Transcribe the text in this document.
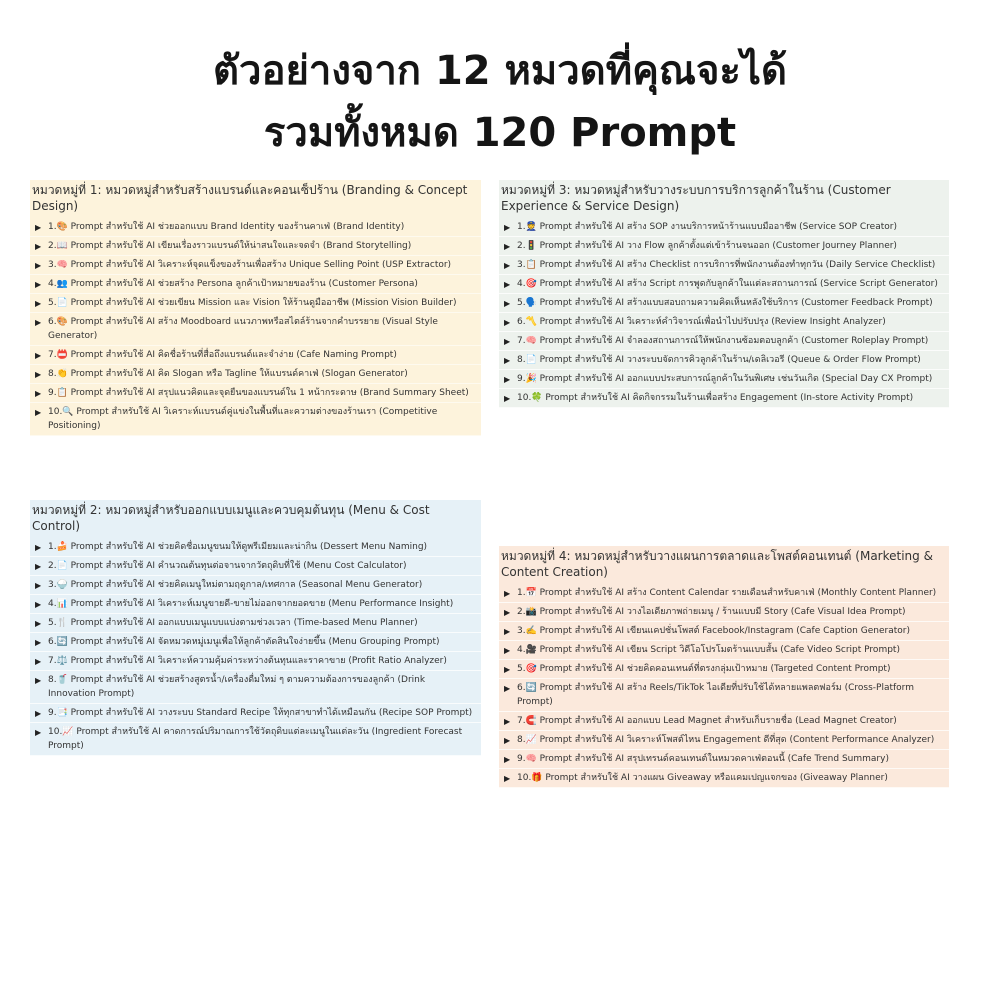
ตัวอย่างจาก 12 หมวดที่คุณจะได้
รวมทั้งหมด 120 Prompt
หมวดหมู่ที่ 1: หมวดหมู่สำหรับสร้างแบรนด์และคอนเซ็ปร้าน (Branding & Concept Design)
▶ 1.🎨 Prompt สำหรับใช้ AI ช่วยออกแบบ Brand Identity ของร้านคาเฟ่ (Brand Identity)
▶ 2.📖 Prompt สำหรับใช้ AI เขียนเรื่องราวแบรนด์ให้น่าสนใจและจดจำ (Brand Storytelling)
▶ 3.🧠 Prompt สำหรับใช้ AI วิเคราะห์จุดแข็งของร้านเพื่อสร้าง Unique Selling Point (USP Extractor)
▶ 4.👥 Prompt สำหรับใช้ AI ช่วยสร้าง Persona ลูกค้าเป้าหมายของร้าน (Customer Persona)
▶ 5.📄 Prompt สำหรับใช้ AI ช่วยเขียน Mission และ Vision ให้ร้านดูมืออาชีพ (Mission Vision Builder)
▶ 6.🎨 Prompt สำหรับใช้ AI สร้าง Moodboard แนวภาพหรือสไตล์ร้านจากคำบรรยาย (Visual Style Generator)
▶ 7.📛 Prompt สำหรับใช้ AI คิดชื่อร้านที่สื่อถึงแบรนด์และจำง่าย (Cafe Naming Prompt)
▶ 8.👏 Prompt สำหรับใช้ AI คิด Slogan หรือ Tagline ให้แบรนด์คาเฟ่ (Slogan Generator)
▶ 9.📋 Prompt สำหรับใช้ AI สรุปแนวคิดและจุดยืนของแบรนด์ใน 1 หน้ากระดาษ (Brand Summary Sheet)
▶ 10.🔍 Prompt สำหรับใช้ AI วิเคราะห์แบรนด์คู่แข่งในพื้นที่และความต่างของร้านเรา (Competitive Positioning)
หมวดหมู่ที่ 2: หมวดหมู่สำหรับออกแบบเมนูและควบคุมต้นทุน (Menu & Cost Control)
▶ 1.🍰 Prompt สำหรับใช้ AI ช่วยคิดชื่อเมนูขนมให้ดูพรีเมียมและน่ากิน (Dessert Menu Naming)
▶ 2.📄 Prompt สำหรับใช้ AI คำนวณต้นทุนต่อจานจากวัตถุดิบที่ใช้ (Menu Cost Calculator)
▶ 3.🍚 Prompt สำหรับใช้ AI ช่วยคิดเมนูใหม่ตามฤดูกาล/เทศกาล (Seasonal Menu Generator)
▶ 4.📊 Prompt สำหรับใช้ AI วิเคราะห์เมนูขายดี-ขายไม่ออกจากยอดขาย (Menu Performance Insight)
▶ 5.🍴 Prompt สำหรับใช้ AI ออกแบบเมนูแบบแบ่งตามช่วงเวลา (Time-based Menu Planner)
▶ 6.🔄 Prompt สำหรับใช้ AI จัดหมวดหมู่เมนูเพื่อให้ลูกค้าตัดสินใจง่ายขึ้น (Menu Grouping Prompt)
▶ 7.⚖️ Prompt สำหรับใช้ AI วิเคราะห์ความคุ้มค่าระหว่างต้นทุนและราคาขาย (Profit Ratio Analyzer)
▶ 8.🥤 Prompt สำหรับใช้ AI ช่วยสร้างสูตรน้ำ/เครื่องดื่มใหม่ ๆ ตามความต้องการของลูกค้า (Drink Innovation Prompt)
▶ 9.📑 Prompt สำหรับใช้ AI วางระบบ Standard Recipe ให้ทุกสาขาทำได้เหมือนกัน (Recipe SOP Prompt)
▶ 10.📈 Prompt สำหรับใช้ AI คาดการณ์ปริมาณการใช้วัตถุดิบแต่ละเมนูในแต่ละวัน (Ingredient Forecast Prompt)
หมวดหมู่ที่ 3: หมวดหมู่สำหรับวางระบบการบริการลูกค้าในร้าน (Customer Experience & Service Design)
▶ 1.👮 Prompt สำหรับใช้ AI สร้าง SOP งานบริการหน้าร้านแบบมืออาชีพ (Service SOP Creator)
▶ 2.🚦 Prompt สำหรับใช้ AI วาง Flow ลูกค้าตั้งแต่เข้าร้านจนออก (Customer Journey Planner)
▶ 3.📋 Prompt สำหรับใช้ AI สร้าง Checklist การบริการที่พนักงานต้องทำทุกวัน (Daily Service Checklist)
▶ 4.🎯 Prompt สำหรับใช้ AI สร้าง Script การพูดกับลูกค้าในแต่ละสถานการณ์ (Service Script Generator)
▶ 5.🗣️ Prompt สำหรับใช้ AI สร้างแบบสอบถามความคิดเห็นหลังใช้บริการ (Customer Feedback Prompt)
▶ 6.〽️ Prompt สำหรับใช้ AI วิเคราะห์คำวิจารณ์เพื่อนำไปปรับปรุง (Review Insight Analyzer)
▶ 7.🧠 Prompt สำหรับใช้ AI จำลองสถานการณ์ให้พนักงานซ้อมตอบลูกค้า (Customer Roleplay Prompt)
▶ 8.📄 Prompt สำหรับใช้ AI วางระบบจัดการคิวลูกค้าในร้าน/เดลิเวอรี (Queue & Order Flow Prompt)
▶ 9.🎉 Prompt สำหรับใช้ AI ออกแบบประสบการณ์ลูกค้าในวันพิเศษ เช่นวันเกิด (Special Day CX Prompt)
▶ 10.🍀 Prompt สำหรับใช้ AI คิดกิจกรรมในร้านเพื่อสร้าง Engagement (In-store Activity Prompt)
หมวดหมู่ที่ 4: หมวดหมู่สำหรับวางแผนการตลาดและโพสต์คอนเทนต์ (Marketing & Content Creation)
▶ 1.📅 Prompt สำหรับใช้ AI สร้าง Content Calendar รายเดือนสำหรับคาเฟ่ (Monthly Content Planner)
▶ 2.📸 Prompt สำหรับใช้ AI วางไอเดียภาพถ่ายเมนู / ร้านแบบมี Story (Cafe Visual Idea Prompt)
▶ 3.✍️ Prompt สำหรับใช้ AI เขียนแคปชั่นโพสต์ Facebook/Instagram (Cafe Caption Generator)
▶ 4.🎥 Prompt สำหรับใช้ AI เขียน Script วิดีโอโปรโมตร้านแบบสั้น (Cafe Video Script Prompt)
▶ 5.🎯 Prompt สำหรับใช้ AI ช่วยคิดคอนเทนต์ที่ตรงกลุ่มเป้าหมาย (Targeted Content Prompt)
▶ 6.🔄 Prompt สำหรับใช้ AI สร้าง Reels/TikTok ไอเดียที่ปรับใช้ได้หลายแพลตฟอร์ม (Cross-Platform Prompt)
▶ 7.🧲 Prompt สำหรับใช้ AI ออกแบบ Lead Magnet สำหรับเก็บรายชื่อ (Lead Magnet Creator)
▶ 8.📈 Prompt สำหรับใช้ AI วิเคราะห์โพสต์ไหน Engagement ดีที่สุด (Content Performance Analyzer)
▶ 9.🧠 Prompt สำหรับใช้ AI สรุปเทรนด์คอนเทนต์ในหมวดคาเฟ่ตอนนี้ (Cafe Trend Summary)
▶ 10.🎁 Prompt สำหรับใช้ AI วางแผน Giveaway หรือแคมเปญแจกของ (Giveaway Planner)
